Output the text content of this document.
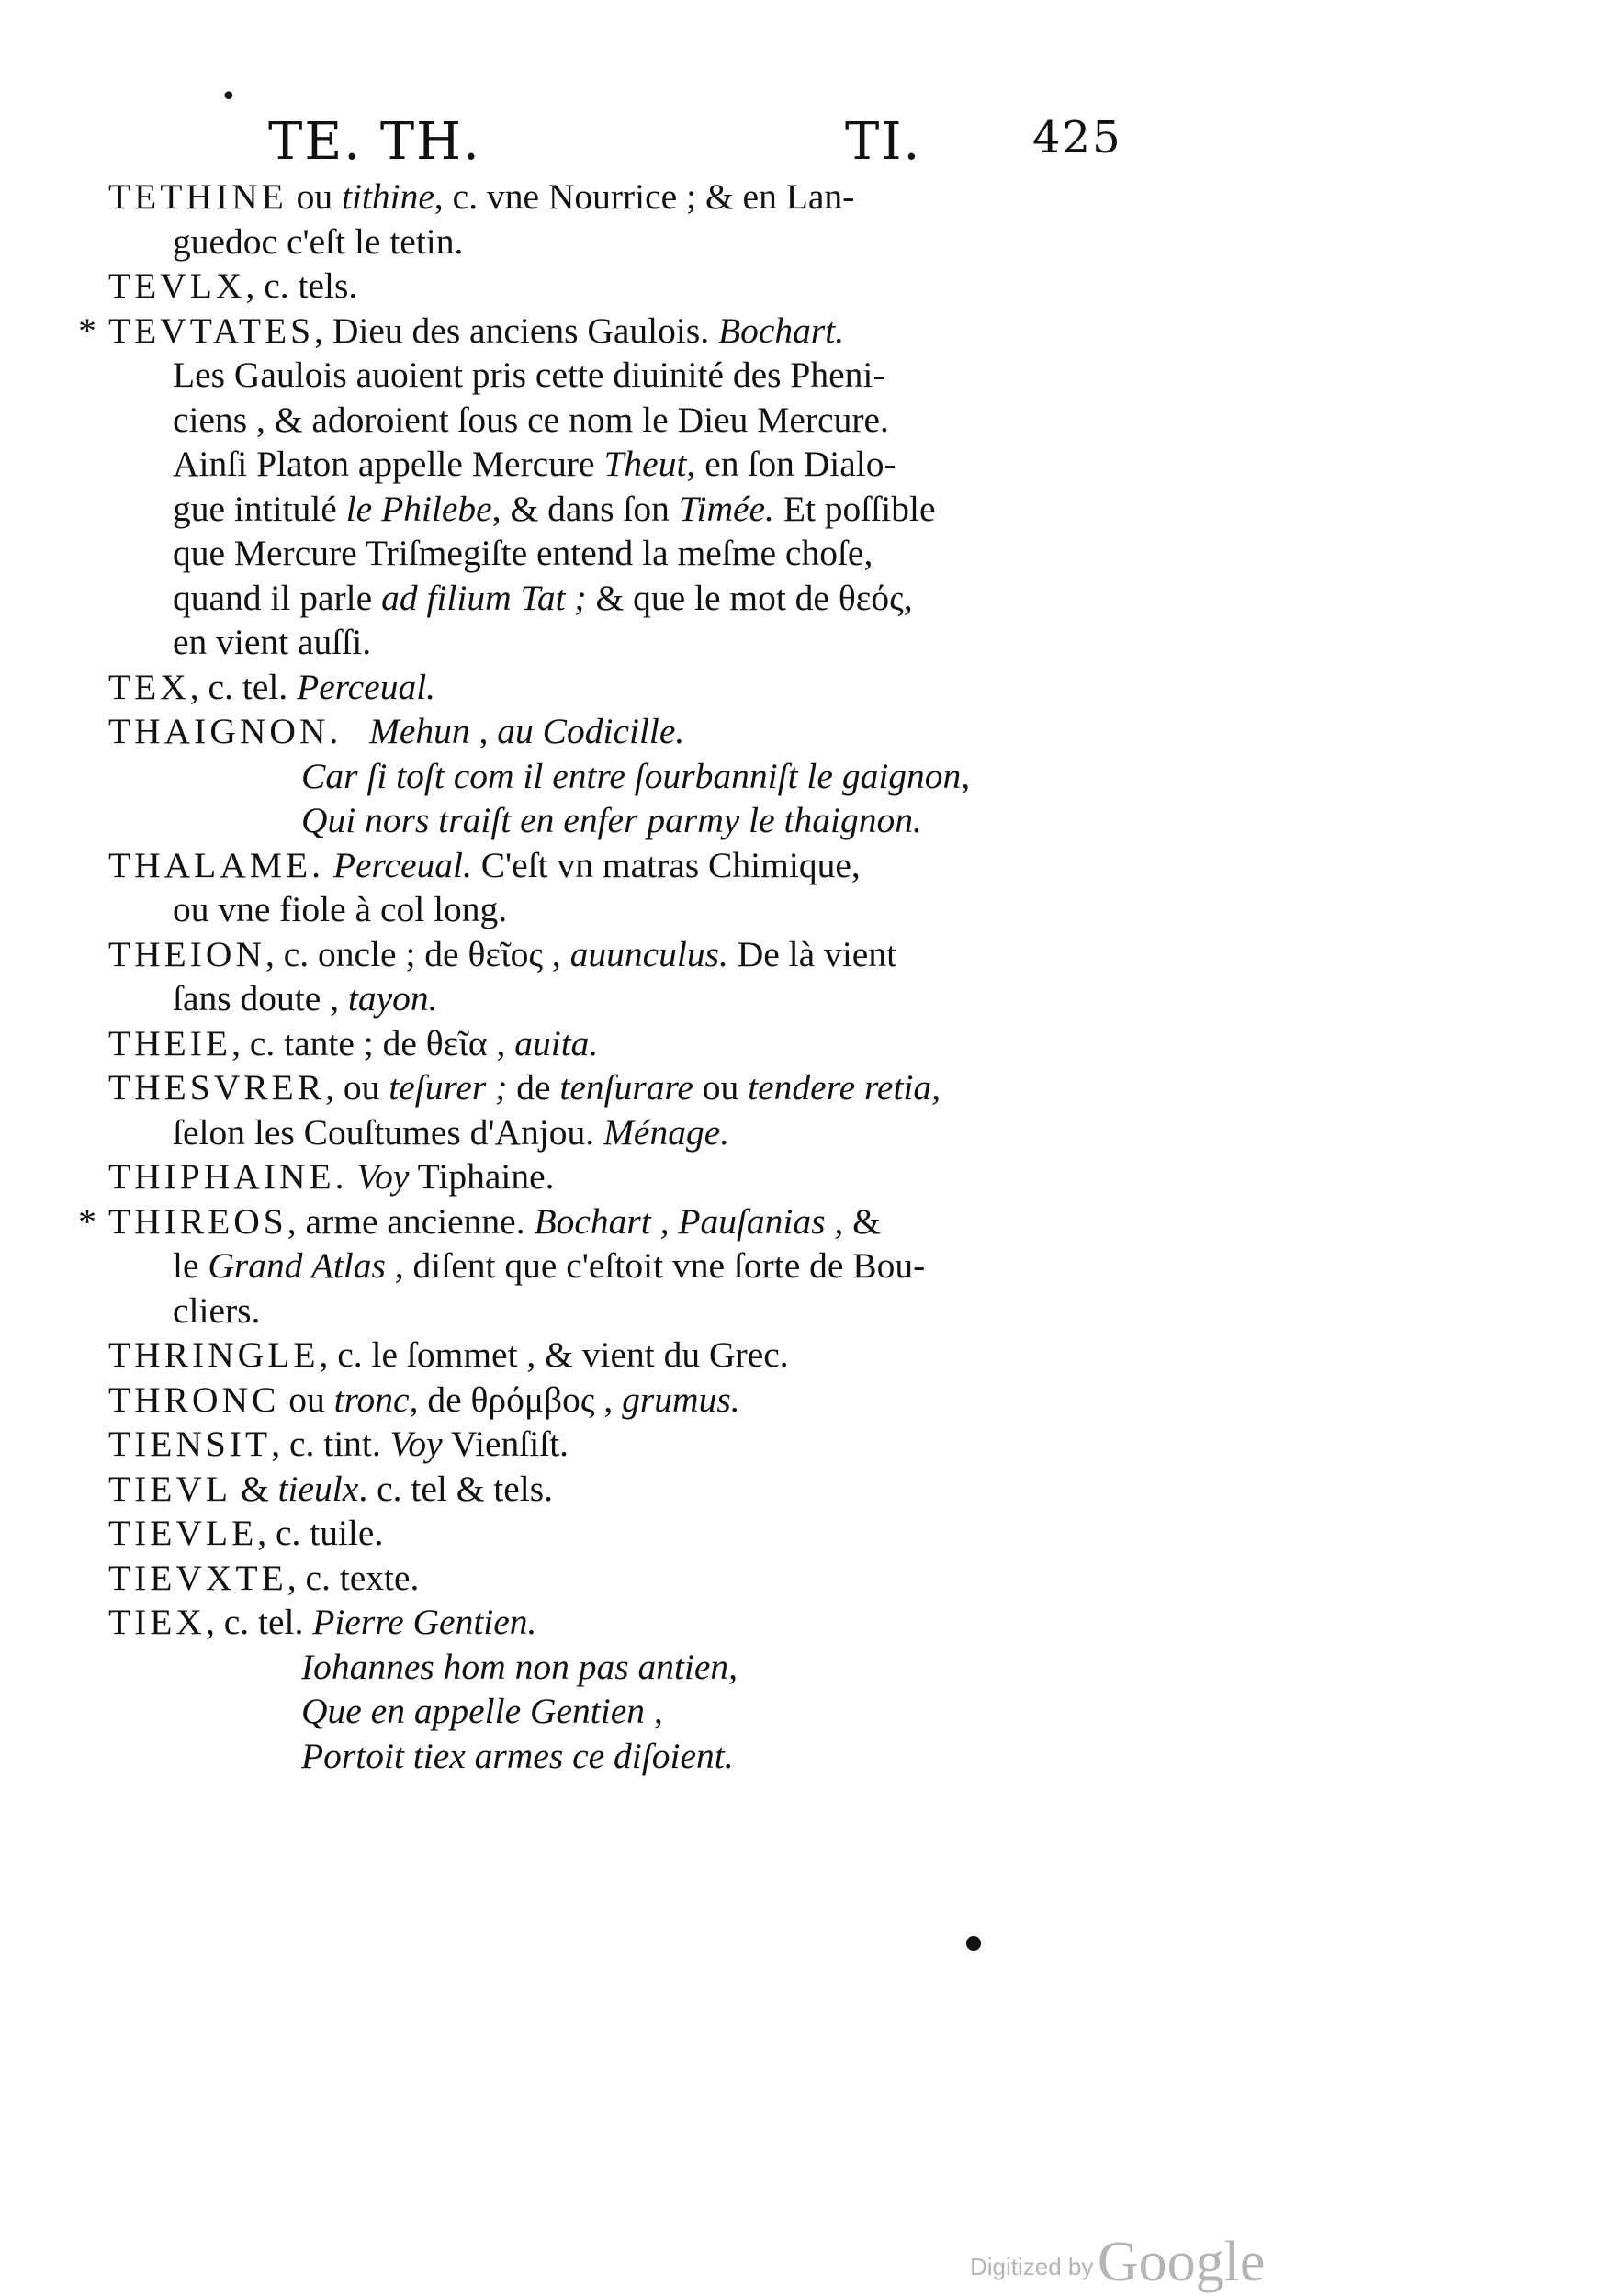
•
TE. TH.	TI.	425
TETHINE ou tithine, c. vne Nourrice ; & en Lan-
guedoc c'eſt le tetin.
TEVLX, c. tels.
* TEVTATES, Dieu des anciens Gaulois. Bochart.
Les Gaulois auoient pris cette diuinité des Pheni-
ciens , & adoroient ſous ce nom le Dieu Mercure.
Ainſi Platon appelle Mercure Theut, en ſon Dialo-
gue intitulé le Philebe, & dans ſon Timée. Et poſſible
que Mercure Triſmegiſte entend la meſme choſe,
quand il parle ad filium Tat ; & que le mot de θεός,
en vient auſſi.
TEX, c. tel. Perceual.
THAIGNON. Mehun , au Codicille.
Car ſi toſt com il entre ſourbanniſt le gaignon,
Qui nors traiſt en enfer parmy le thaignon.
THALAME. Perceual. C'eſt vn matras Chimique,
ou vne fiole à col long.
THEION, c. oncle ; de θεῖος , auunculus. De là vient
ſans doute , tayon.
THEIE, c. tante ; de θεῖα , auita.
THESVRER, ou teſurer ; de tenſurare ou tendere retia,
ſelon les Couſtumes d'Anjou. Ménage.
THIPHAINE. Voy Tiphaine.
* THIREOS, arme ancienne. Bochart , Pauſanias , &
le Grand Atlas , diſent que c'eſtoit vne ſorte de Bou-
cliers.
THRINGLE, c. le ſommet , & vient du Grec.
THRONC ou tronc, de θρόμβος , grumus.
TIENSIT, c. tint. Voy Vienſiſt.
TIEVL & tieulx. c. tel & tels.
TIEVLE, c. tuile.
TIEVXTE, c. texte.
TIEX, c. tel. Pierre Gentien.
Iohannes hom non pas antien,
Que en appelle Gentien ,
Portoit tiex armes ce diſoient.
Digitized by Google
